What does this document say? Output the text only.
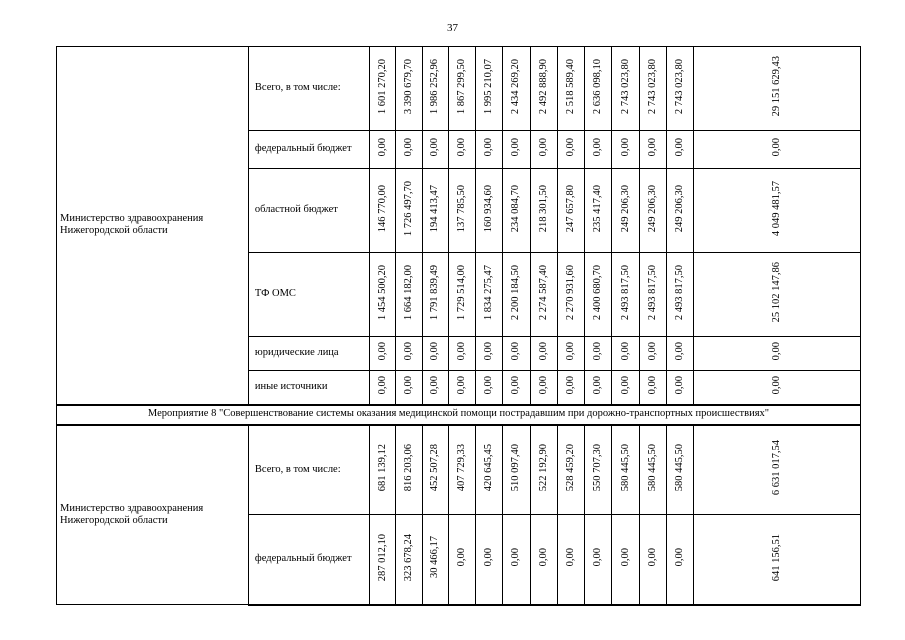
37
Министерство здравоохранения Нижегородской области	Всего, в том числе:	1 601 270,20	3 390 679,70	1 986 252,96	1 867 299,50	1 995 210,07	2 434 269,20	2 492 888,90	2 518 589,40	2 636 098,10	2 743 023,80	2 743 023,80	2 743 023,80	29 151 629,43
	федеральный бюджет	0,00	0,00	0,00	0,00	0,00	0,00	0,00	0,00	0,00	0,00	0,00	0,00	0,00
	областной бюджет	146 770,00	1 726 497,70	194 413,47	137 785,50	160 934,60	234 084,70	218 301,50	247 657,80	235 417,40	249 206,30	249 206,30	249 206,30	4 049 481,57
	ТФ ОМС	1 454 500,20	1 664 182,00	1 791 839,49	1 729 514,00	1 834 275,47	2 200 184,50	2 274 587,40	2 270 931,60	2 400 680,70	2 493 817,50	2 493 817,50	2 493 817,50	25 102 147,86
	юридические лица	0,00	0,00	0,00	0,00	0,00	0,00	0,00	0,00	0,00	0,00	0,00	0,00	0,00
	иные источники	0,00	0,00	0,00	0,00	0,00	0,00	0,00	0,00	0,00	0,00	0,00	0,00	0,00
Мероприятие 8 "Совершенствование системы оказания медицинской помощи пострадавшим при дорожно-транспортных происшествиях"														
Министерство здравоохранения Нижегородской области	Всего, в том числе:	681 139,12	816 203,06	452 507,28	407 729,33	420 645,45	510 097,40	522 192,90	528 459,20	550 707,30	580 445,50	580 445,50	580 445,50	6 631 017,54
	федеральный бюджет	287 012,10	323 678,24	30 466,17	0,00	0,00	0,00	0,00	0,00	0,00	0,00	0,00	0,00	641 156,51
